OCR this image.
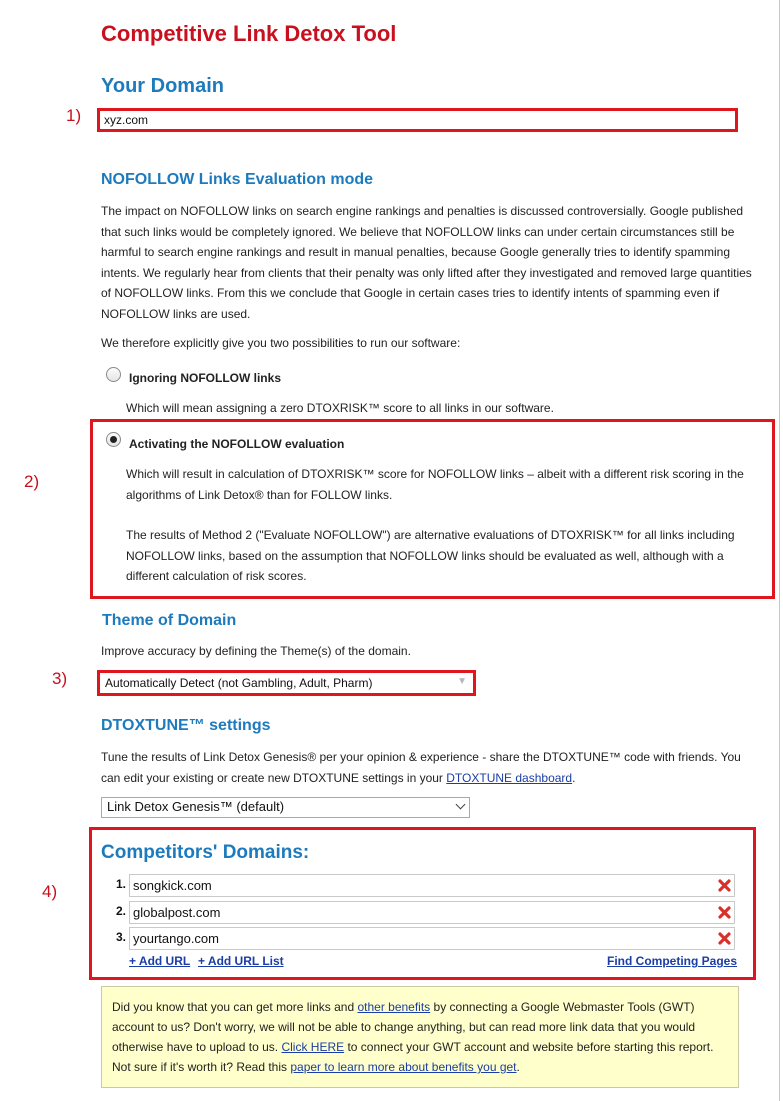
Competitive Link Detox Tool
Your Domain
1)
xyz.com
NOFOLLOW Links Evaluation mode

The impact on NOFOLLOW links on search engine rankings and penalties is discussed controversially. Google published that such links would be completely ignored. We believe that NOFOLLOW links can under certain circumstances still be harmful to search engine rankings and result in manual penalties, because Google generally tries to identify spamming intents. We regularly hear from clients that their penalty was only lifted after they investigated and removed large quantities of NOFOLLOW links. From this we conclude that Google in certain cases tries to identify intents of spamming even if NOFOLLOW links are used.

We therefore explicitly give you two possibilities to run our software:

Ignoring NOFOLLOW links

Which will mean assigning a zero DTOXRISK™ score to all links in our software.

2)
Activating the NOFOLLOW evaluation

Which will result in calculation of DTOXRISK™ score for NOFOLLOW links – albeit with a different risk scoring in the algorithms of Link Detox® than for FOLLOW links.

The results of Method 2 ("Evaluate NOFOLLOW") are alternative evaluations of DTOXRISK™ for all links including NOFOLLOW links, based on the assumption that NOFOLLOW links should be evaluated as well, although with a different calculation of risk scores.

Theme of Domain

Improve accuracy by defining the Theme(s) of the domain.

3)	Automatically Detect (not Gambling, Adult, Pharm)	▼
DTOXTUNE™ settings

Tune the results of Link Detox Genesis® per your opinion & experience - share the DTOXTUNE™ code with friends. You can edit your existing or create new DTOXTUNE settings in your DTOXTUNE dashboard.

Link Detox Genesis™ (default)
4)
Competitors' Domains:
1.
songkick.com
2.
globalpost.com
3.
yourtango.com
+ Add URL + Add URL List	Find Competing Pages
Did you know that you can get more links and other benefits by connecting a Google Webmaster Tools (GWT) account to us? Don't worry, we will not be able to change anything, but can read more link data that you would otherwise have to upload to us. Click HERE to connect your GWT account and website before starting this report. Not sure if it's worth it? Read this paper to learn more about benefits you get.
